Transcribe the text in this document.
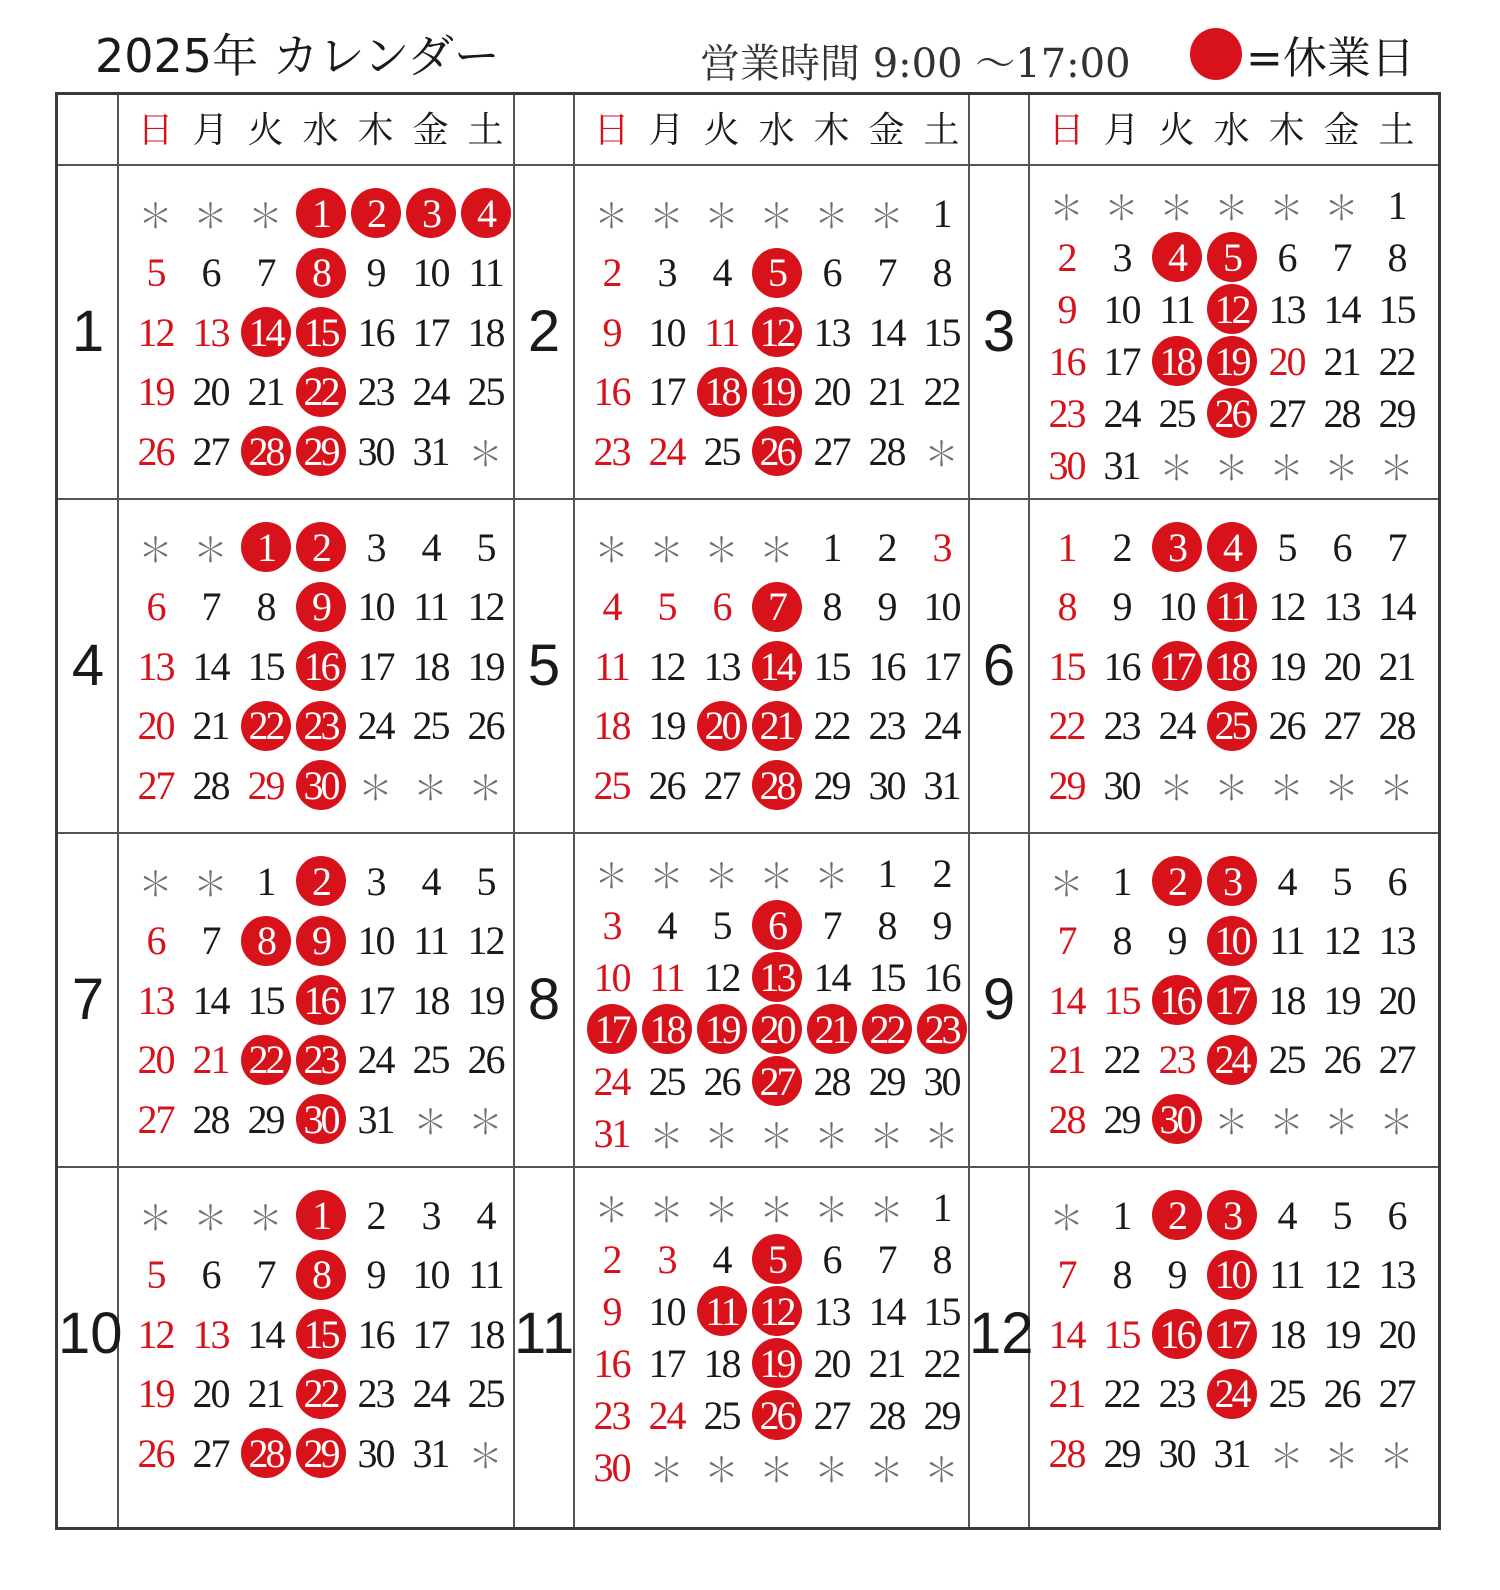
2025年 カレンダー	営業時間 9:00 ～17:00	=休業日
日 月 火 水 木 金 土 日 月 火 水 木 金 土 日 月 火 水 木 金 土
1
＊ ＊ ＊ 1 2 3 4
5 6 7 8 9 10 11
12 13 14 15 16 17 18
19 20 21 22 23 24 25
26 27 28 29 30 31 ＊
2
＊ ＊ ＊ ＊ ＊ ＊ 1
2 3 4 5 6 7 8
9 10 11 12 13 14 15
16 17 18 19 20 21 22
23 24 25 26 27 28 ＊
3
＊ ＊ ＊ ＊ ＊ ＊ 1
2 3 4 5 6 7 8
9 10 11 12 13 14 15
16 17 18 19 20 21 22
23 24 25 26 27 28 29
30 31 ＊ ＊ ＊ ＊ ＊
4
＊ ＊ 1 2 3 4 5
6 7 8 9 10 11 12
13 14 15 16 17 18 19
20 21 22 23 24 25 26
27 28 29 30 ＊ ＊ ＊
5
＊ ＊ ＊ ＊ 1 2 3
4 5 6 7 8 9 10
11 12 13 14 15 16 17
18 19 20 21 22 23 24
25 26 27 28 29 30 31
6
1 2 3 4 5 6 7
8 9 10 11 12 13 14
15 16 17 18 19 20 21
22 23 24 25 26 27 28
29 30 ＊ ＊ ＊ ＊ ＊
7
＊ ＊ 1 2 3 4 5
6 7 8 9 10 11 12
13 14 15 16 17 18 19
20 21 22 23 24 25 26
27 28 29 30 31 ＊ ＊
8
＊ ＊ ＊ ＊ ＊ 1 2
3 4 5 6 7 8 9
10 11 12 13 14 15 16
17 18 19 20 21 22 23
24 25 26 27 28 29 30
31 ＊ ＊ ＊ ＊ ＊ ＊
9
＊ 1 2 3 4 5 6
7 8 9 10 11 12 13
14 15 16 17 18 19 20
21 22 23 24 25 26 27
28 29 30 ＊ ＊ ＊ ＊
10
＊ ＊ ＊ 1 2 3 4
5 6 7 8 9 10 11
12 13 14 15 16 17 18
19 20 21 22 23 24 25
26 27 28 29 30 31 ＊
11
＊ ＊ ＊ ＊ ＊ ＊ 1
2 3 4 5 6 7 8
9 10 11 12 13 14 15
16 17 18 19 20 21 22
23 24 25 26 27 28 29
30 ＊ ＊ ＊ ＊ ＊ ＊
12
＊ 1 2 3 4 5 6
7 8 9 10 11 12 13
14 15 16 17 18 19 20
21 22 23 24 25 26 27
28 29 30 31 ＊ ＊ ＊
